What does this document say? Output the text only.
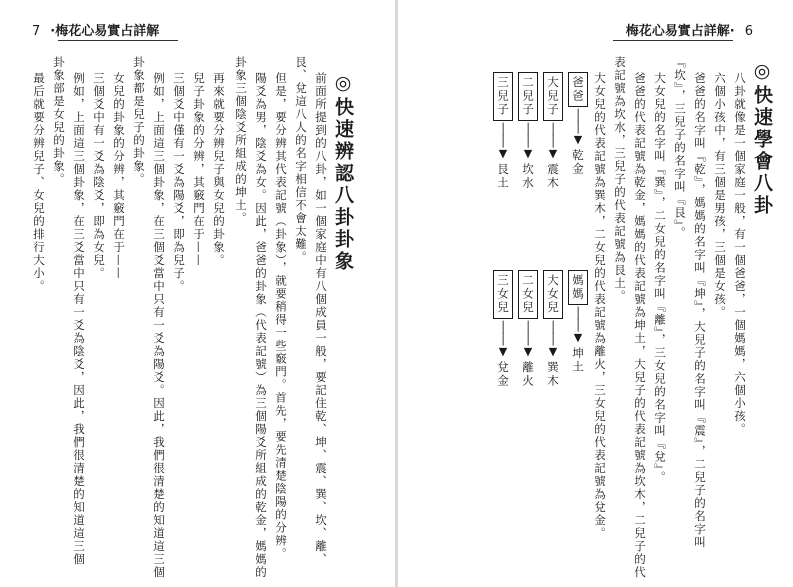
7 ·梅花心易實占詳解
◎快速辨認八卦卦象
前面所提到的八卦，如一個家庭中有八個成員一般，要記住乾、坤、震、巽、坎、離、
艮、兌這八人的名字相信不會太難。
但是，要分辨其代表記號（卦象），就要稍得一些竅門。首先，要先清楚陰陽的分辨。
陽爻為男，陰爻為女。因此，爸爸的卦象（代表記號）為三個陽爻所組成的乾金，媽媽的
卦象三個陰爻所組成的坤土。
再來就要分辨兒子與女兒的卦象。
兒子卦象的分辨，其竅門在于——
三個爻中僅有一爻為陽爻，即為兒子。
例如，上面這三個卦象，在三個爻當中只有一爻為陽爻。因此，我們很清楚的知道這三個
卦象都是兒子的卦象。
女兒的卦象的分辨，其竅門在于——
三個爻中有一爻為陰爻，即為女兒。
例如，上面這三個卦象，在三爻當中只有一爻為陰爻，因此，我們很清楚的知道這三個
卦象部是女兒的卦象。
最后就要分辨兒子、女兒的排行大小。
梅花心易實占詳解· 6
◎快速學會八卦
八卦就像是一個家庭一般，有一個爸爸，一個媽媽，六個小孩。
六個小孩中，有三個是男孩，三個是女孩。
爸爸的名字叫『乾』，媽媽的名字叫『坤』，大兒子的名字叫『震』，二兒子的名字叫
『坎』，三兒子的名字叫『艮』。
大女兒的名字叫『巽』，二女兒的名字叫『離』，三女兒的名字叫『兌』。
爸爸的代表記號為乾金，媽媽的代表記號為坤土，大兒子的代表記號為坎木，二兒子的代
表記號為坎水，三兒子的代表記號為艮土。
大女兒的代表記號為巽木，二女兒的代表記號為離火，三女兒的代表記號為兌金。
爸爸
│
│
▼
乾金
大兒子
│
│
▼
震木
二兒子
│
│
▼
坎水
三兒子
│
│
▼
艮土
媽媽
│
│
▼
坤土
大女兒
│
│
▼
巽木
二女兒
│
│
▼
離火
三女兒
│
│
▼
兌金
